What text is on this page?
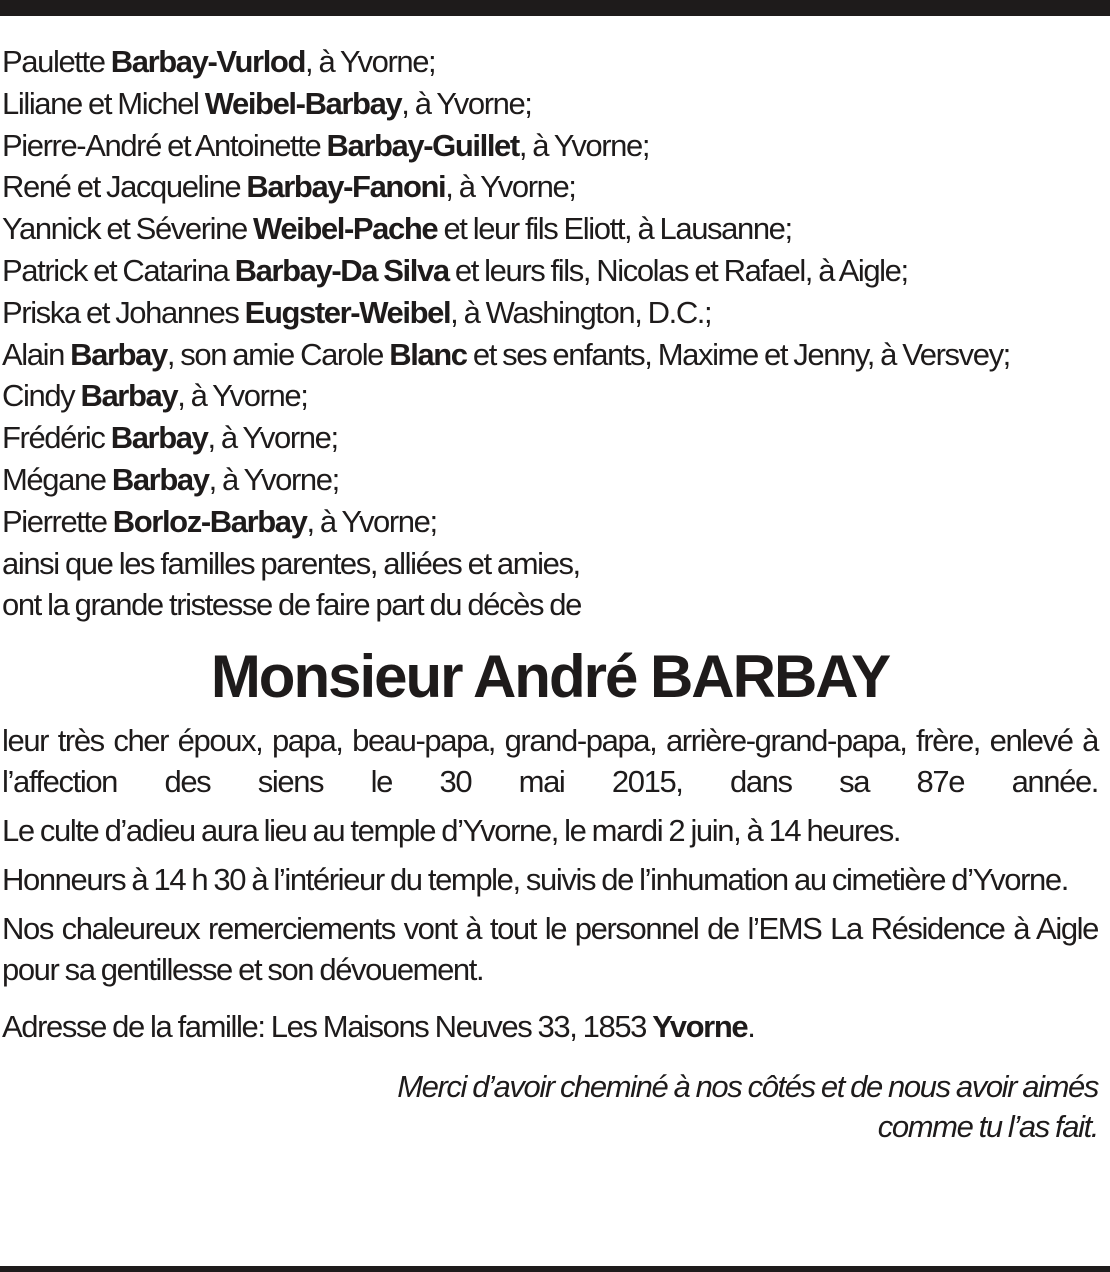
Paulette Barbay-Vurlod, à Yvorne;
Liliane et Michel Weibel-Barbay, à Yvorne;
Pierre-André et Antoinette Barbay-Guillet, à Yvorne;
René et Jacqueline Barbay-Fanoni, à Yvorne;
Yannick et Séverine Weibel-Pache et leur fils Eliott, à Lausanne;
Patrick et Catarina Barbay-Da Silva et leurs fils, Nicolas et Rafael, à Aigle;
Priska et Johannes Eugster-Weibel, à Washington, D.C.;
Alain Barbay, son amie Carole Blanc et ses enfants, Maxime et Jenny, à Versvey;
Cindy Barbay, à Yvorne;
Frédéric Barbay, à Yvorne;
Mégane Barbay, à Yvorne;
Pierrette Borloz-Barbay, à Yvorne;
ainsi que les familles parentes, alliées et amies,
ont la grande tristesse de faire part du décès de
Monsieur André BARBAY
leur très cher époux, papa, beau-papa, grand-papa, arrière-grand-papa, frère, enlevé à l’affection des siens le 30 mai 2015, dans sa 87e année.
Le culte d’adieu aura lieu au temple d’Yvorne, le mardi 2 juin, à 14 heures.
Honneurs à 14 h 30 à l’intérieur du temple, suivis de l’inhumation au cimetière d’Yvorne.
Nos chaleureux remerciements vont à tout le personnel de l’EMS La Résidence à Aigle pour sa gentillesse et son dévouement.
Adresse de la famille: Les Maisons Neuves 33, 1853 Yvorne.
Merci d’avoir cheminé à nos côtés et de nous avoir aimés
comme tu l’as fait.
